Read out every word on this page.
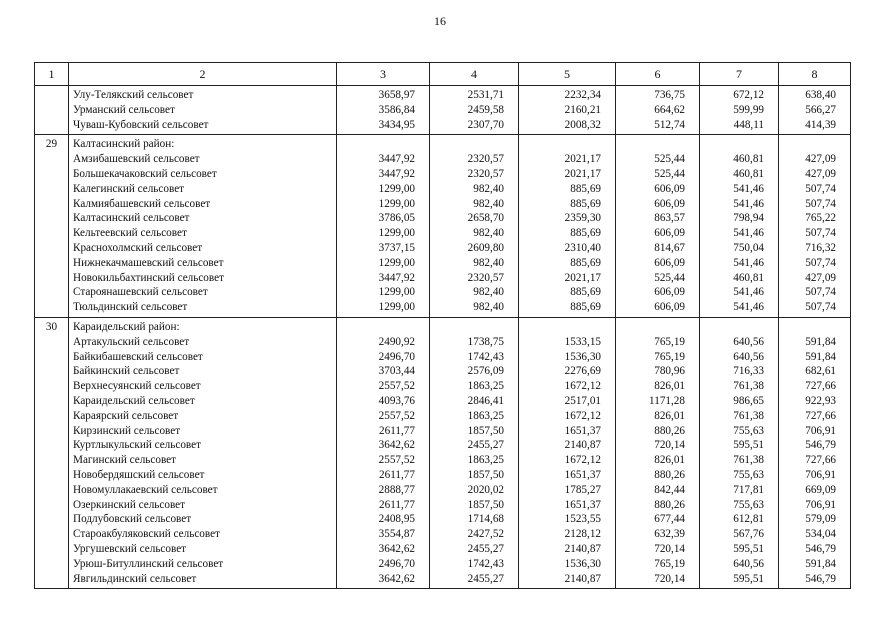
16
1	2	3	4	5	6	7	8
	Улу-Телякский сельсовет	3658,97	2531,71	2232,34	736,75	672,12	638,40
	Урманский сельсовет	3586,84	2459,58	2160,21	664,62	599,99	566,27
	Чуваш-Кубовский сельсовет	3434,95	2307,70	2008,32	512,74	448,11	414,39
29	Калтасинский район:						
	Амзибашевский сельсовет	3447,92	2320,57	2021,17	525,44	460,81	427,09
	Большекачаковский сельсовет	3447,92	2320,57	2021,17	525,44	460,81	427,09
	Калегинский сельсовет	1299,00	982,40	885,69	606,09	541,46	507,74
	Калмиябашевский сельсовет	1299,00	982,40	885,69	606,09	541,46	507,74
	Калтасинский сельсовет	3786,05	2658,70	2359,30	863,57	798,94	765,22
	Кельтеевский сельсовет	1299,00	982,40	885,69	606,09	541,46	507,74
	Краснохолмский сельсовет	3737,15	2609,80	2310,40	814,67	750,04	716,32
	Нижнекачмашевский сельсовет	1299,00	982,40	885,69	606,09	541,46	507,74
	Новокильбахтинский сельсовет	3447,92	2320,57	2021,17	525,44	460,81	427,09
	Староянашевский сельсовет	1299,00	982,40	885,69	606,09	541,46	507,74
	Тюльдинский сельсовет	1299,00	982,40	885,69	606,09	541,46	507,74
30	Караидельский район:						
	Артакульский сельсовет	2490,92	1738,75	1533,15	765,19	640,56	591,84
	Байкибашевский сельсовет	2496,70	1742,43	1536,30	765,19	640,56	591,84
	Байкинский сельсовет	3703,44	2576,09	2276,69	780,96	716,33	682,61
	Верхнесуянский сельсовет	2557,52	1863,25	1672,12	826,01	761,38	727,66
	Караидельский сельсовет	4093,76	2846,41	2517,01	1171,28	986,65	922,93
	Караярский сельсовет	2557,52	1863,25	1672,12	826,01	761,38	727,66
	Кирзинский сельсовет	2611,77	1857,50	1651,37	880,26	755,63	706,91
	Куртлыкульский сельсовет	3642,62	2455,27	2140,87	720,14	595,51	546,79
	Магинский сельсовет	2557,52	1863,25	1672,12	826,01	761,38	727,66
	Новобердяшский сельсовет	2611,77	1857,50	1651,37	880,26	755,63	706,91
	Новомуллакаевский сельсовет	2888,77	2020,02	1785,27	842,44	717,81	669,09
	Озеркинский сельсовет	2611,77	1857,50	1651,37	880,26	755,63	706,91
	Подлубовский сельсовет	2408,95	1714,68	1523,55	677,44	612,81	579,09
	Староакбуляковский сельсовет	3554,87	2427,52	2128,12	632,39	567,76	534,04
	Ургушевский сельсовет	3642,62	2455,27	2140,87	720,14	595,51	546,79
	Урюш-Битуллинский сельсовет	2496,70	1742,43	1536,30	765,19	640,56	591,84
	Явгильдинский сельсовет	3642,62	2455,27	2140,87	720,14	595,51	546,79
